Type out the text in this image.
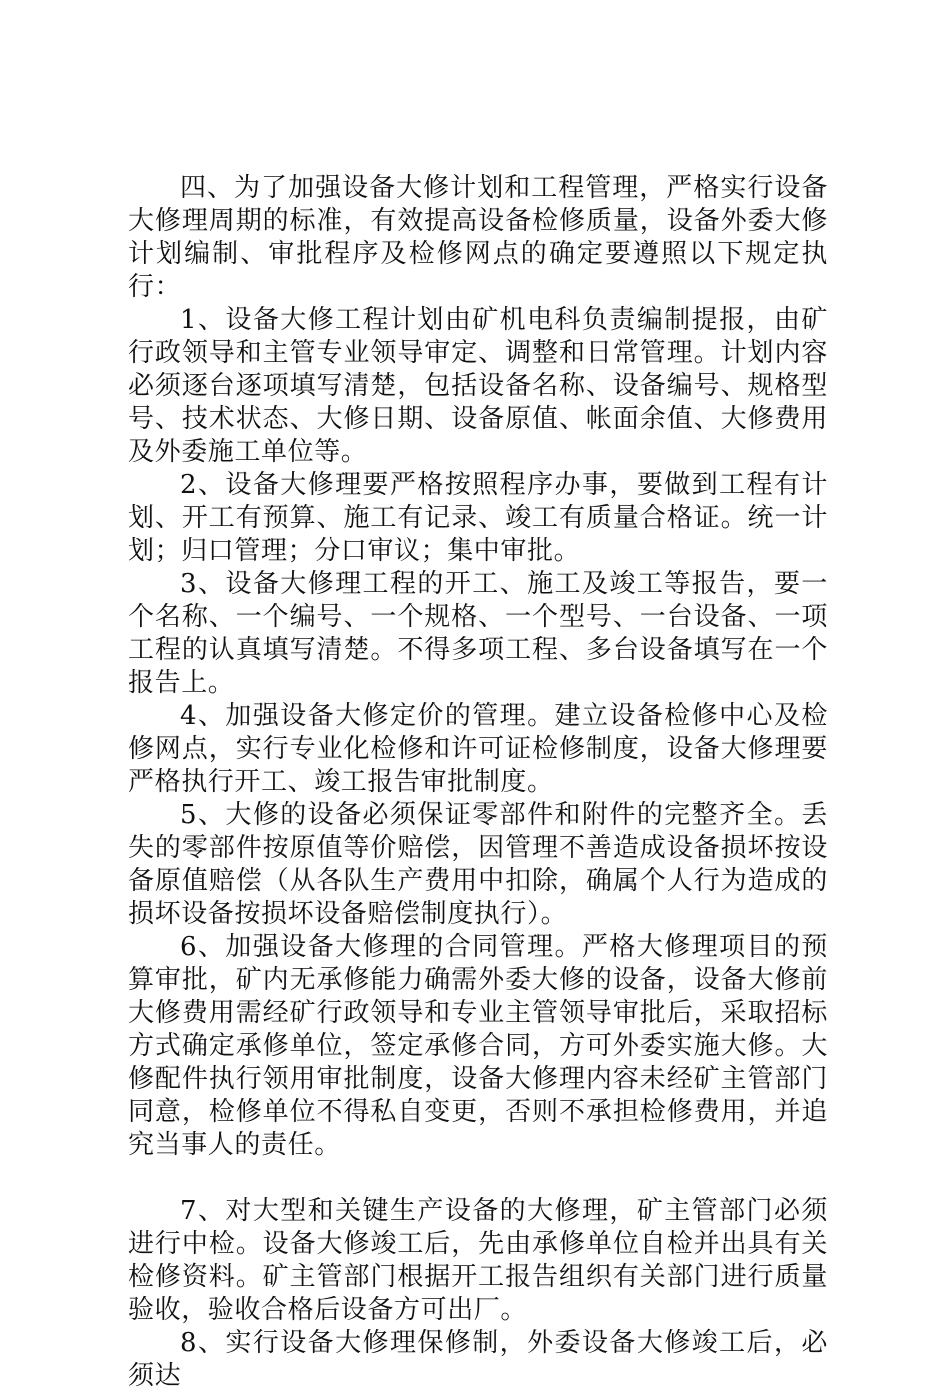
四、为了加强设备大修计划和工程管理，严格实行设备大修理周期的标准，有效提高设备检修质量，设备外委大修计划编制、审批程序及检修网点的确定要遵照以下规定执行：

1、设备大修工程计划由矿机电科负责编制提报，由矿行政领导和主管专业领导审定、调整和日常管理。计划内容必须逐台逐项填写清楚，包括设备名称、设备编号、规格型号、技术状态、大修日期、设备原值、帐面余值、大修费用及外委施工单位等。

2、设备大修理要严格按照程序办事，要做到工程有计划、开工有预算、施工有记录、竣工有质量合格证。统一计划；归口管理；分口审议；集中审批。

3、设备大修理工程的开工、施工及竣工等报告，要一个名称、一个编号、一个规格、一个型号、一台设备、一项工程的认真填写清楚。不得多项工程、多台设备填写在一个报告上。

4、加强设备大修定价的管理。建立设备检修中心及检修网点，实行专业化检修和许可证检修制度，设备大修理要严格执行开工、竣工报告审批制度。

5、大修的设备必须保证零部件和附件的完整齐全。丢失的零部件按原值等价赔偿，因管理不善造成设备损坏按设备原值赔偿（从各队生产费用中扣除，确属个人行为造成的损坏设备按损坏设备赔偿制度执行）。

6、加强设备大修理的合同管理。严格大修理项目的预算审批，矿内无承修能力确需外委大修的设备，设备大修前大修费用需经矿行政领导和专业主管领导审批后，采取招标方式确定承修单位，签定承修合同，方可外委实施大修。大修配件执行领用审批制度，设备大修理内容未经矿主管部门同意，检修单位不得私自变更，否则不承担检修费用，并追究当事人的责任。

7、对大型和关键生产设备的大修理，矿主管部门必须进行中检。设备大修竣工后，先由承修单位自检并出具有关检修资料。矿主管部门根据开工报告组织有关部门进行质量验收，验收合格后设备方可出厂。

8、实行设备大修理保修制，外委设备大修竣工后，必须达
